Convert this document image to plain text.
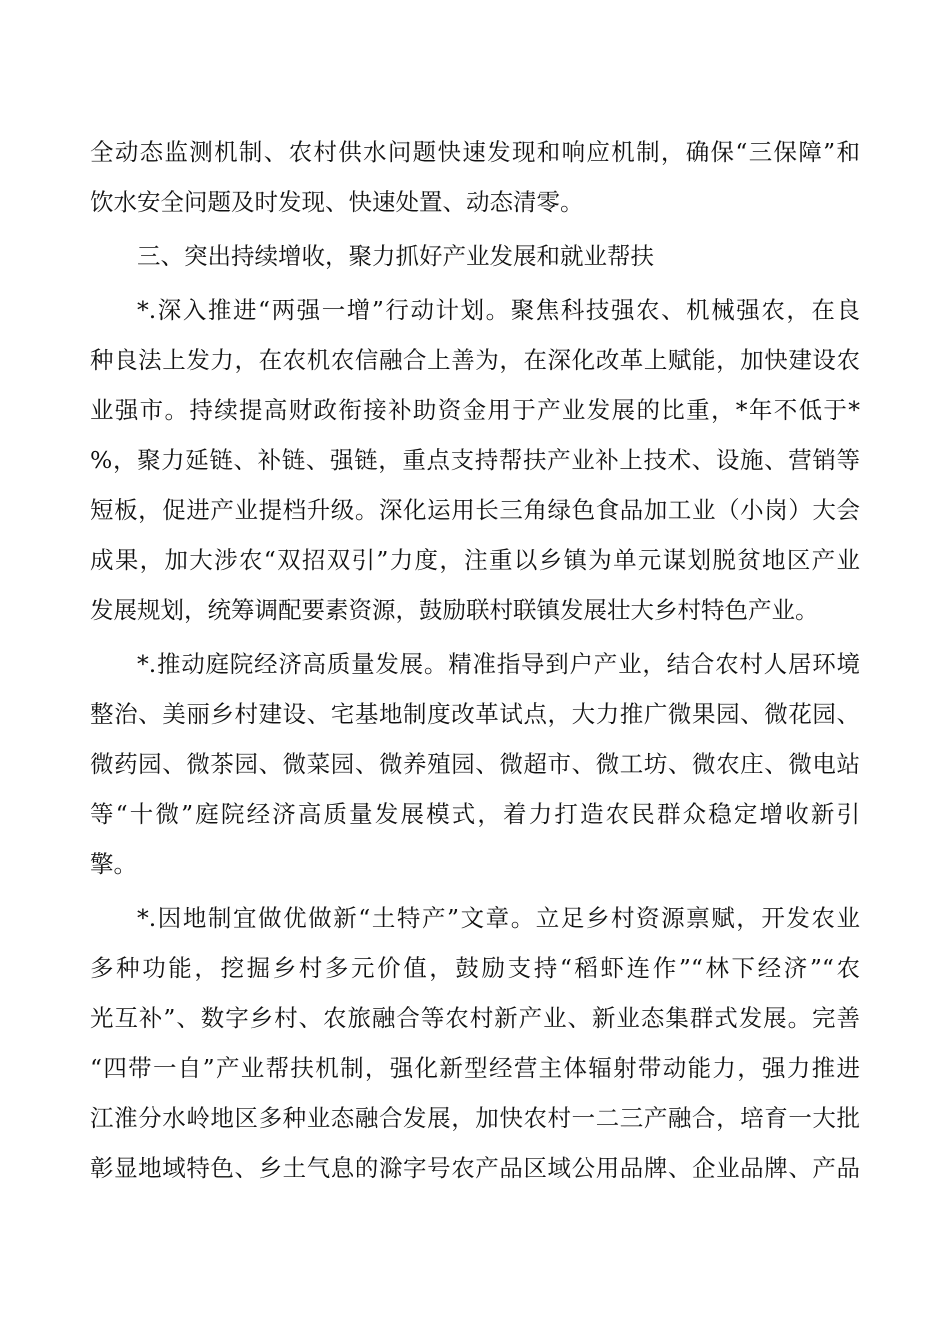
全动态监测机制、农村供水问题快速发现和响应机制，确保“三保障”和
饮水安全问题及时发现、快速处置、动态清零。
三、突出持续增收，聚力抓好产业发展和就业帮扶
*.深入推进“两强一增”行动计划。聚焦科技强农、机械强农，在良
种良法上发力，在农机农信融合上善为，在深化改革上赋能，加快建设农
业强市。持续提高财政衔接补助资金用于产业发展的比重，*年不低于*
%，聚力延链、补链、强链，重点支持帮扶产业补上技术、设施、营销等
短板，促进产业提档升级。深化运用长三角绿色食品加工业（小岗）大会
成果，加大涉农“双招双引”力度，注重以乡镇为单元谋划脱贫地区产业
发展规划，统筹调配要素资源，鼓励联村联镇发展壮大乡村特色产业。
*.推动庭院经济高质量发展。精准指导到户产业，结合农村人居环境
整治、美丽乡村建设、宅基地制度改革试点，大力推广微果园、微花园、
微药园、微茶园、微菜园、微养殖园、微超市、微工坊、微农庄、微电站
等“十微”庭院经济高质量发展模式，着力打造农民群众稳定增收新引
擎。
*.因地制宜做优做新“土特产”文章。立足乡村资源禀赋，开发农业
多种功能，挖掘乡村多元价值，鼓励支持“稻虾连作”“林下经济”“农
光互补”、数字乡村、农旅融合等农村新产业、新业态集群式发展。完善
“四带一自”产业帮扶机制，强化新型经营主体辐射带动能力，强力推进
江淮分水岭地区多种业态融合发展，加快农村一二三产融合，培育一大批
彰显地域特色、乡土气息的滁字号农产品区域公用品牌、企业品牌、产品
